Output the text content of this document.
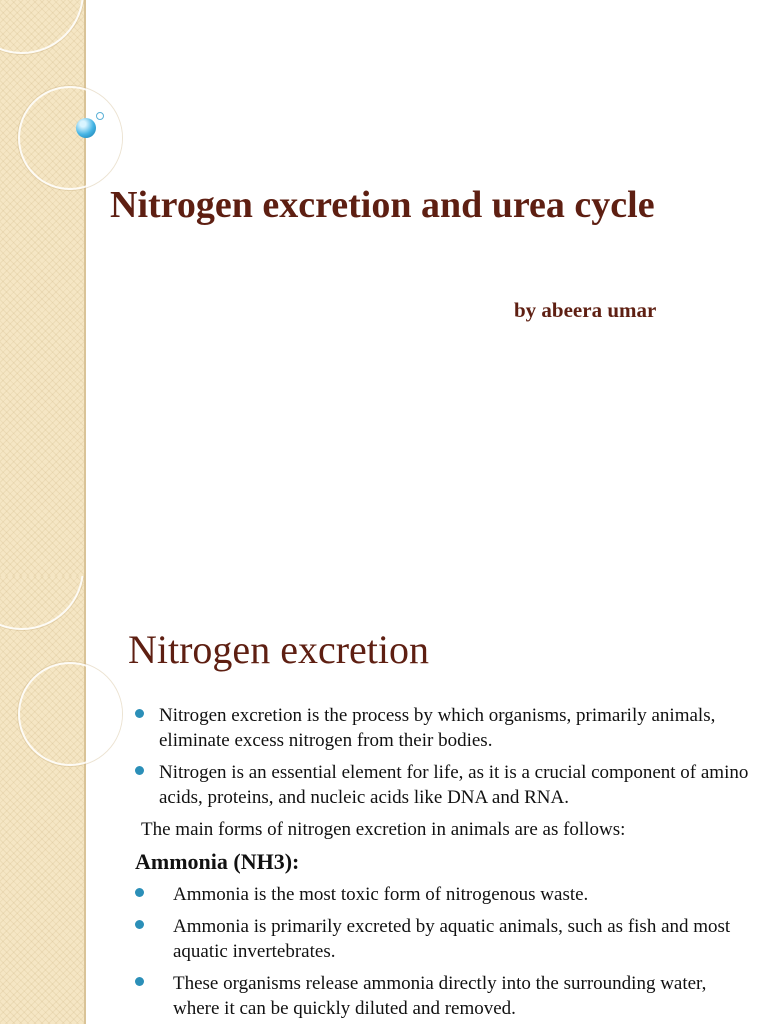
Nitrogen excretion and urea cycle

by abeera umar

Nitrogen excretion
Nitrogen excretion is the process by which organisms, primarily animals, eliminate excess nitrogen from their bodies.
Nitrogen is an essential element for life, as it is a crucial component of amino acids, proteins, and nucleic acids like DNA and RNA.

The main forms of nitrogen excretion in animals are as follows:

Ammonia (NH3):
Ammonia is the most toxic form of nitrogenous waste.
Ammonia is primarily excreted by aquatic animals, such as fish and most aquatic invertebrates.
These organisms release ammonia directly into the surrounding water, where it can be quickly diluted and removed.
